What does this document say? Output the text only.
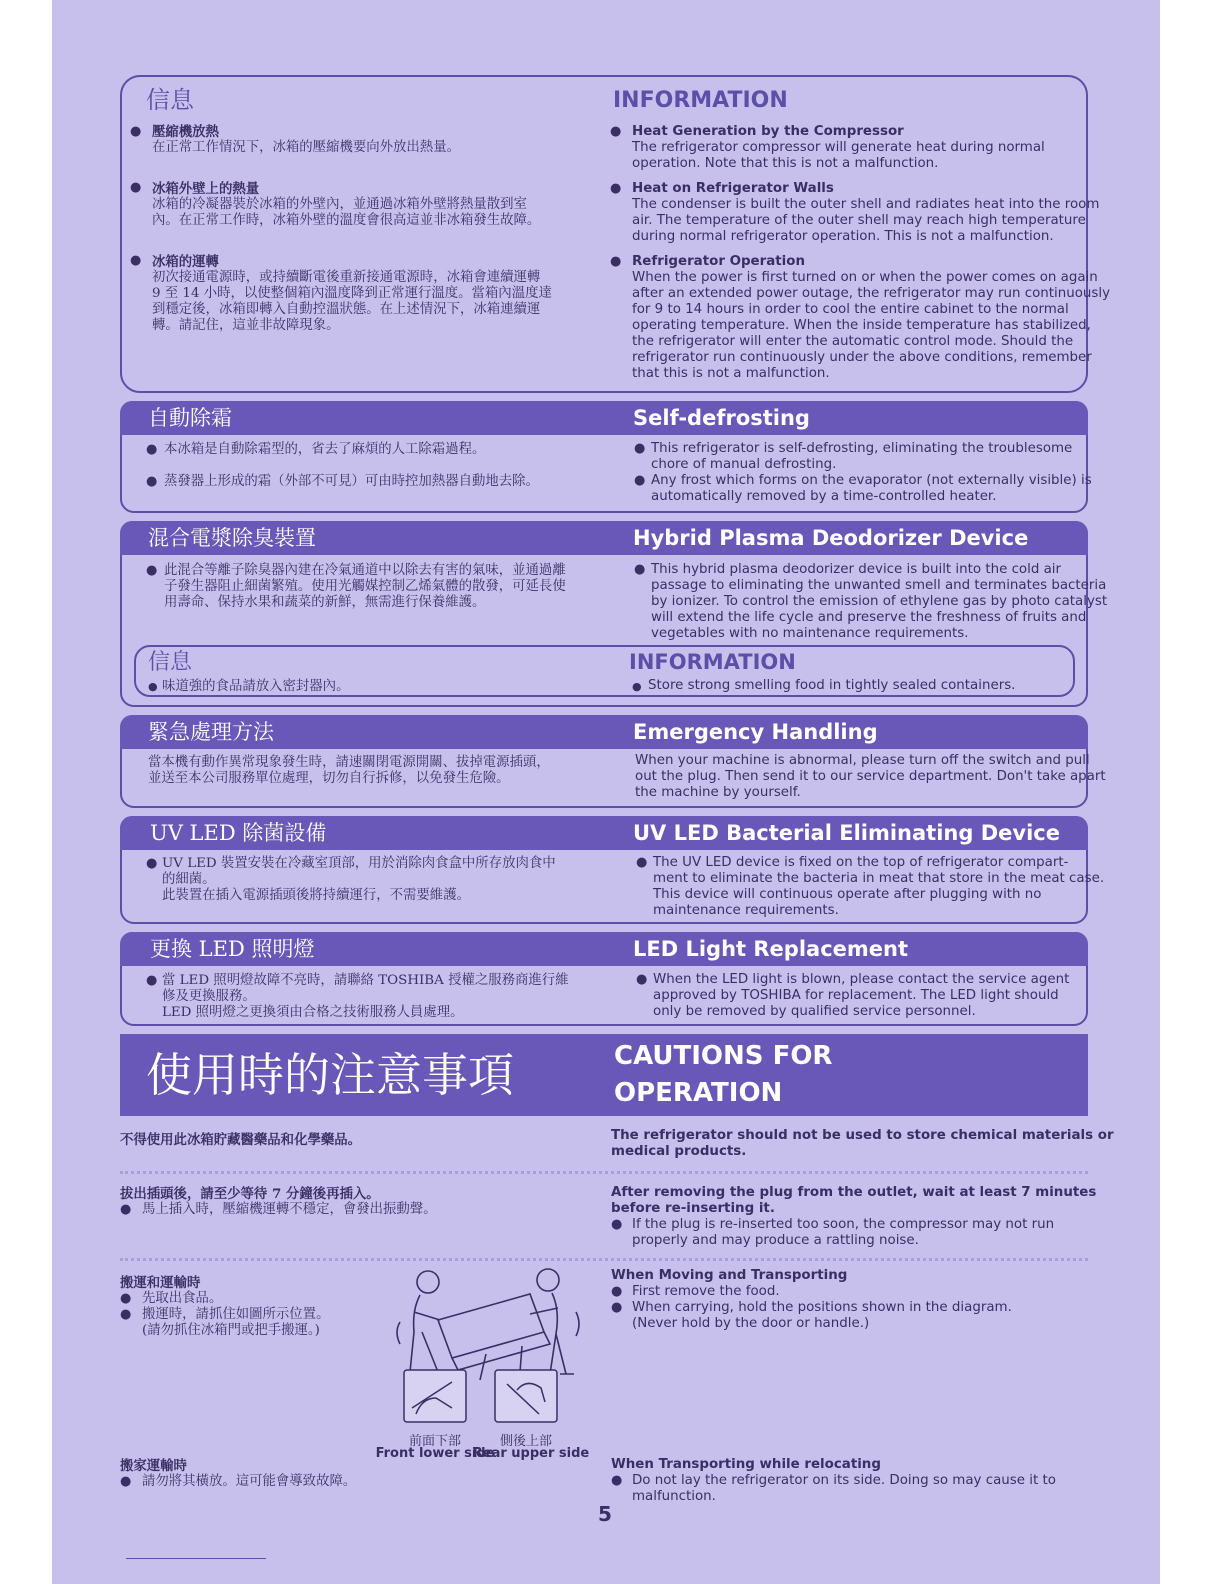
信息	INFORMATION
● 壓縮機放熱
在正常工作情況下，冰箱的壓縮機要向外放出熱量。
● 冰箱外壁上的熱量
冰箱的冷凝器裝於冰箱的外壁內，並通過冰箱外壁將熱量散到室
內。在正常工作時，冰箱外壁的溫度會很高這並非冰箱發生故障。
● 冰箱的運轉
初次接通電源時，或持續斷電後重新接通電源時，冰箱會連續運轉
9 至 14 小時，以使整個箱內溫度降到正常運行溫度。當箱內溫度達
到穩定後，冰箱即轉入自動控溫狀態。在上述情況下，冰箱連續運
轉。請記住，這並非故障現象。
● Heat Generation by the Compressor
The refrigerator compressor will generate heat during normal
operation. Note that this is not a malfunction.
● Heat on Refrigerator Walls
The condenser is built the outer shell and radiates heat into the room
air. The temperature of the outer shell may reach high temperature
during normal refrigerator operation. This is not a malfunction.
● Refrigerator Operation
When the power is first turned on or when the power comes on again
after an extended power outage, the refrigerator may run continuously
for 9 to 14 hours in order to cool the entire cabinet to the normal
operating temperature. When the inside temperature has stabilized,
the refrigerator will enter the automatic control mode. Should the
refrigerator run continuously under the above conditions, remember
that this is not a malfunction.
自動除霜	Self-defrosting
● 本冰箱是自動除霜型的，省去了麻煩的人工除霜過程。
● 蒸發器上形成的霜（外部不可見）可由時控加熱器自動地去除。
● This refrigerator is self-defrosting, eliminating the troublesome
chore of manual defrosting.
● Any frost which forms on the evaporator (not externally visible) is
automatically removed by a time-controlled heater.
混合電漿除臭裝置	Hybrid Plasma Deodorizer Device
● 此混合等離子除臭器內建在冷氣通道中以除去有害的氣味，並通過離
子發生器阻止細菌繁殖。使用光觸媒控制乙烯氣體的散發，可延長使
用壽命、保持水果和蔬菜的新鮮，無需進行保養維護。
● This hybrid plasma deodorizer device is built into the cold air
passage to eliminating the unwanted smell and terminates bacteria
by ionizer. To control the emission of ethylene gas by photo catalyst
will extend the life cycle and preserve the freshness of fruits and
vegetables with no maintenance requirements.
信息	INFORMATION
● 味道強的食品請放入密封器內。	● Store strong smelling food in tightly sealed containers.
緊急處理方法	Emergency Handling
當本機有動作異常現象發生時，請速關閉電源開關、拔掉電源插頭，
並送至本公司服務單位處理，切勿自行拆修，以免發生危險。
When your machine is abnormal, please turn off the switch and pull
out the plug. Then send it to our service department. Don't take apart
the machine by yourself.
UV LED 除菌設備	UV LED Bacterial Eliminating Device
● UV LED 裝置安裝在冷藏室頂部，用於消除肉食盒中所存放肉食中
的細菌。
此裝置在插入電源插頭後將持續運行，不需要維護。
● The UV LED device is fixed on the top of refrigerator compart-
ment to eliminate the bacteria in meat that store in the meat case.
This device will continuous operate after plugging with no
maintenance requirements.
更換 LED 照明燈	LED Light Replacement
● 當 LED 照明燈故障不亮時，請聯絡 TOSHIBA 授權之服務商進行維
修及更換服務。
LED 照明燈之更換須由合格之技術服務人員處理。
● When the LED light is blown, please contact the service agent
approved by TOSHIBA for replacement. The LED light should
only be removed by qualified service personnel.
使用時的注意事項	CAUTIONS FOR
OPERATION
不得使用此冰箱貯藏醫藥品和化學藥品。	The refrigerator should not be used to store chemical materials or
medical products.
拔出插頭後，請至少等待 7 分鐘後再插入。
● 馬上插入時，壓縮機運轉不穩定，會發出振動聲。
After removing the plug from the outlet, wait at least 7 minutes
before re-inserting it.
● If the plug is re-inserted too soon, the compressor may not run
properly and may produce a rattling noise.
搬運和運輸時
● 先取出食品。
● 搬運時，請抓住如圖所示位置。
(請勿抓住冰箱門或把手搬運。)
When Moving and Transporting
● First remove the food.
● When carrying, hold the positions shown in the diagram.
(Never hold by the door or handle.)
前面下部
Front lower side
側後上部
Rear upper side
搬家運輸時
● 請勿將其橫放。這可能會導致故障。
When Transporting while relocating
● Do not lay the refrigerator on its side. Doing so may cause it to
malfunction.
5
